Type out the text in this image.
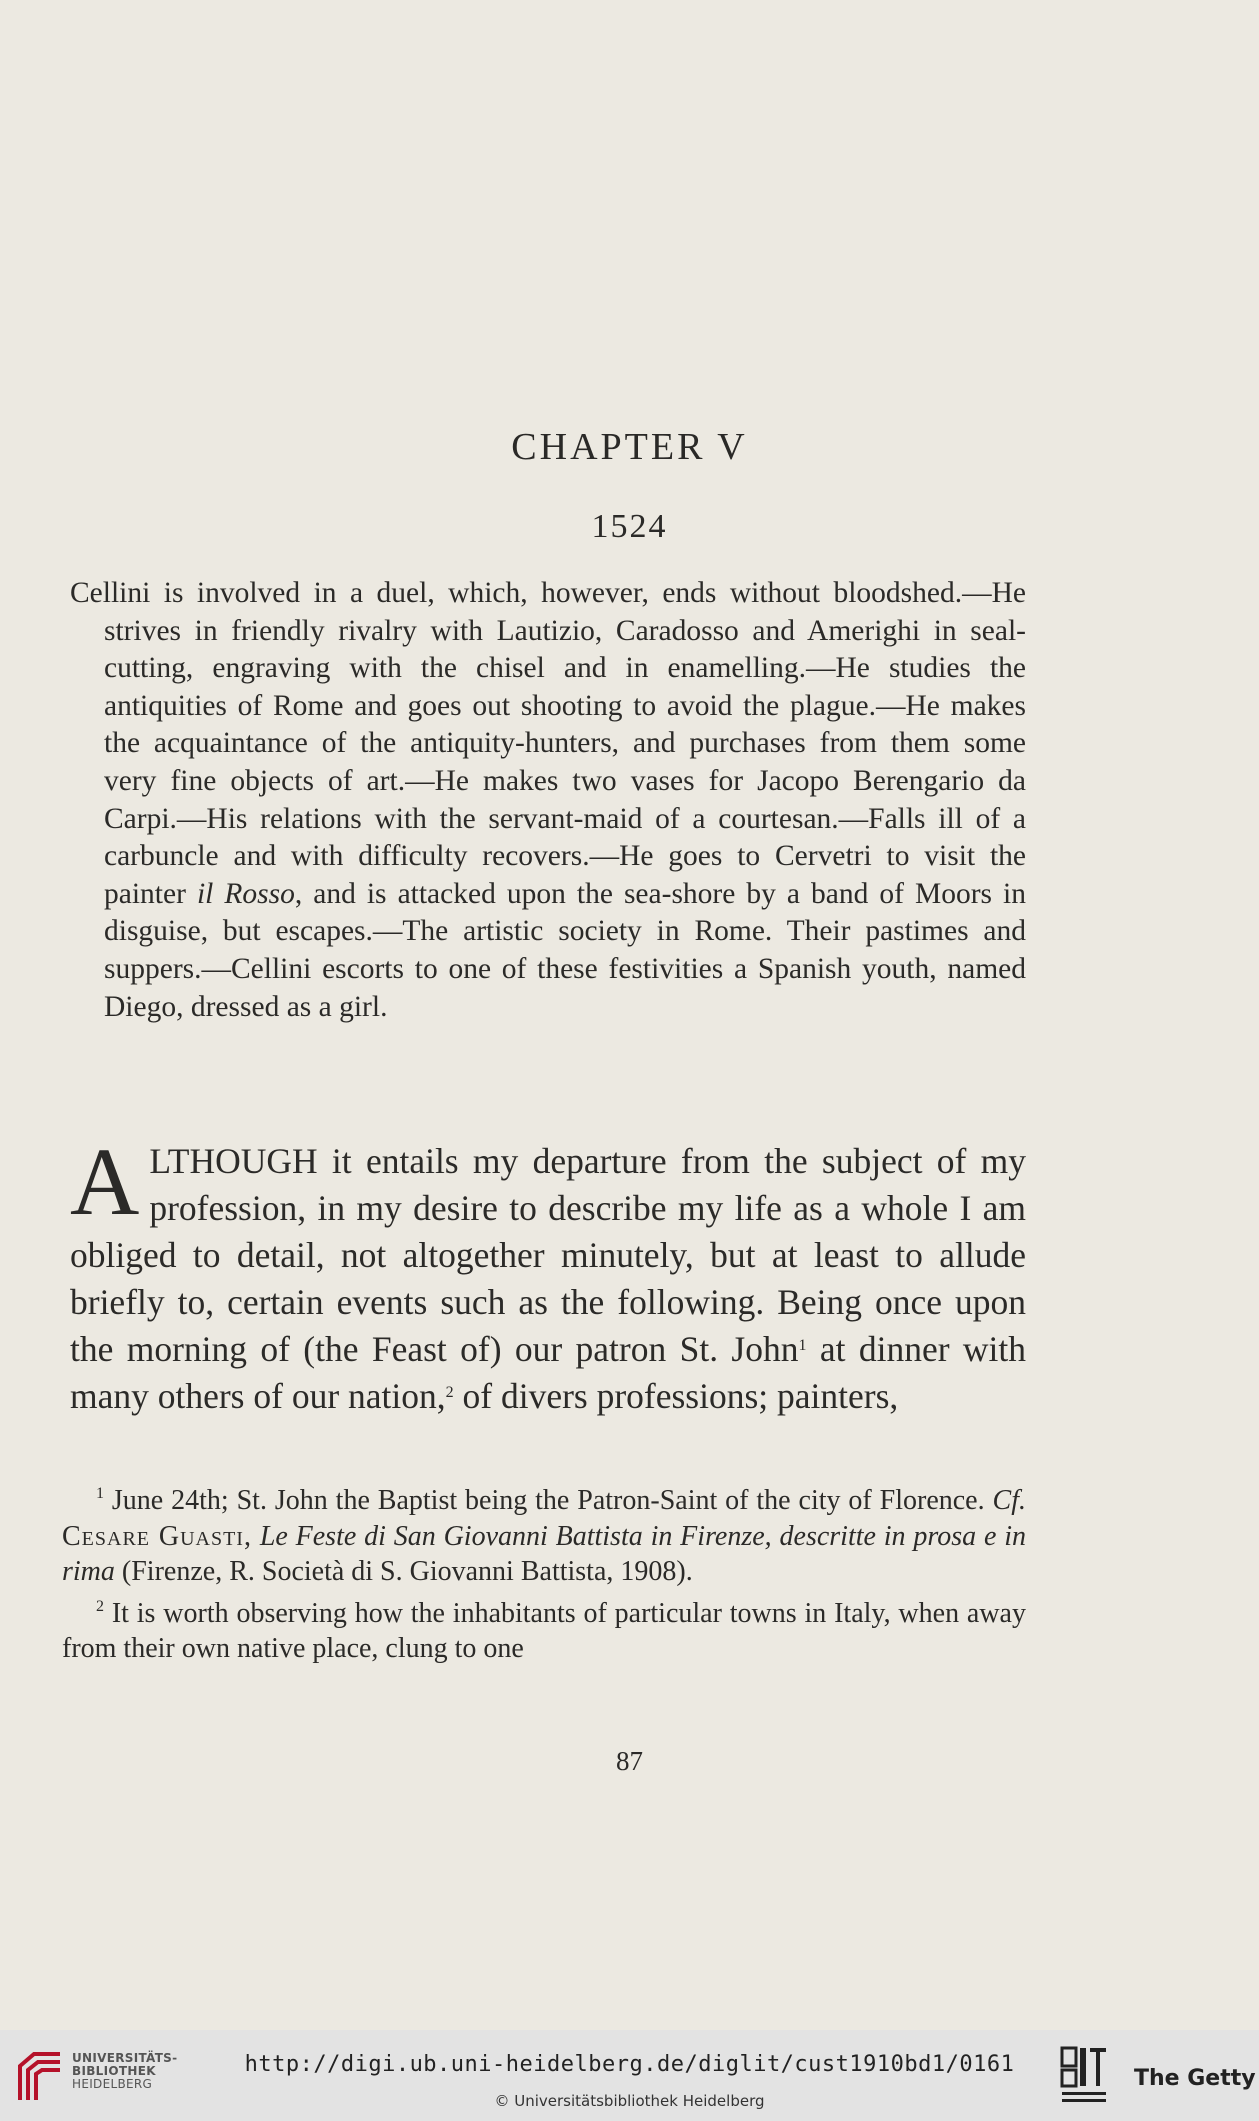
CHAPTER V
1524
Cellini is involved in a duel, which, however, ends without bloodshed.—He strives in friendly rivalry with Lautizio, Caradosso and Amerighi in seal-cutting, engraving with the chisel and in enamelling.—He studies the antiquities of Rome and goes out shooting to avoid the plague.—He makes the acquaintance of the antiquity-hunters, and purchases from them some very fine objects of art.—He makes two vases for Jacopo Berengario da Carpi.—His relations with the servant-maid of a courtesan.—Falls ill of a carbuncle and with difficulty recovers.—He goes to Cervetri to visit the painter il Rosso, and is attacked upon the sea-shore by a band of Moors in disguise, but escapes.—The artistic society in Rome. Their pastimes and suppers.—Cellini escorts to one of these festivities a Spanish youth, named Diego, dressed as a girl.
ALTHOUGH it entails my departure from the subject of my profession, in my desire to describe my life as a whole I am obliged to detail, not altogether minutely, but at least to allude briefly to, certain events such as the following. Being once upon the morning of (the Feast of) our patron St. John$^1$ at dinner with many others of our nation,$^2$ of divers professions; painters,

$^1$ June 24th; St. John the Baptist being the Patron-Saint of the city of Florence. Cf. Cesare Guasti, Le Feste di San Giovanni Battista in Firenze, descritte in prosa e in rima (Firenze, R. Società di S. Giovanni Battista, 1908).

$^2$ It is worth observing how the inhabitants of particular towns in Italy, when away from their own native place, clung to one

87
UNIVERSITÄTS-
BIBLIOTHEK
HEIDELBERG
http://digi.ub.uni-heidelberg.de/diglit/cust1910bd1/0161
© Universitätsbibliothek Heidelberg
The Getty
